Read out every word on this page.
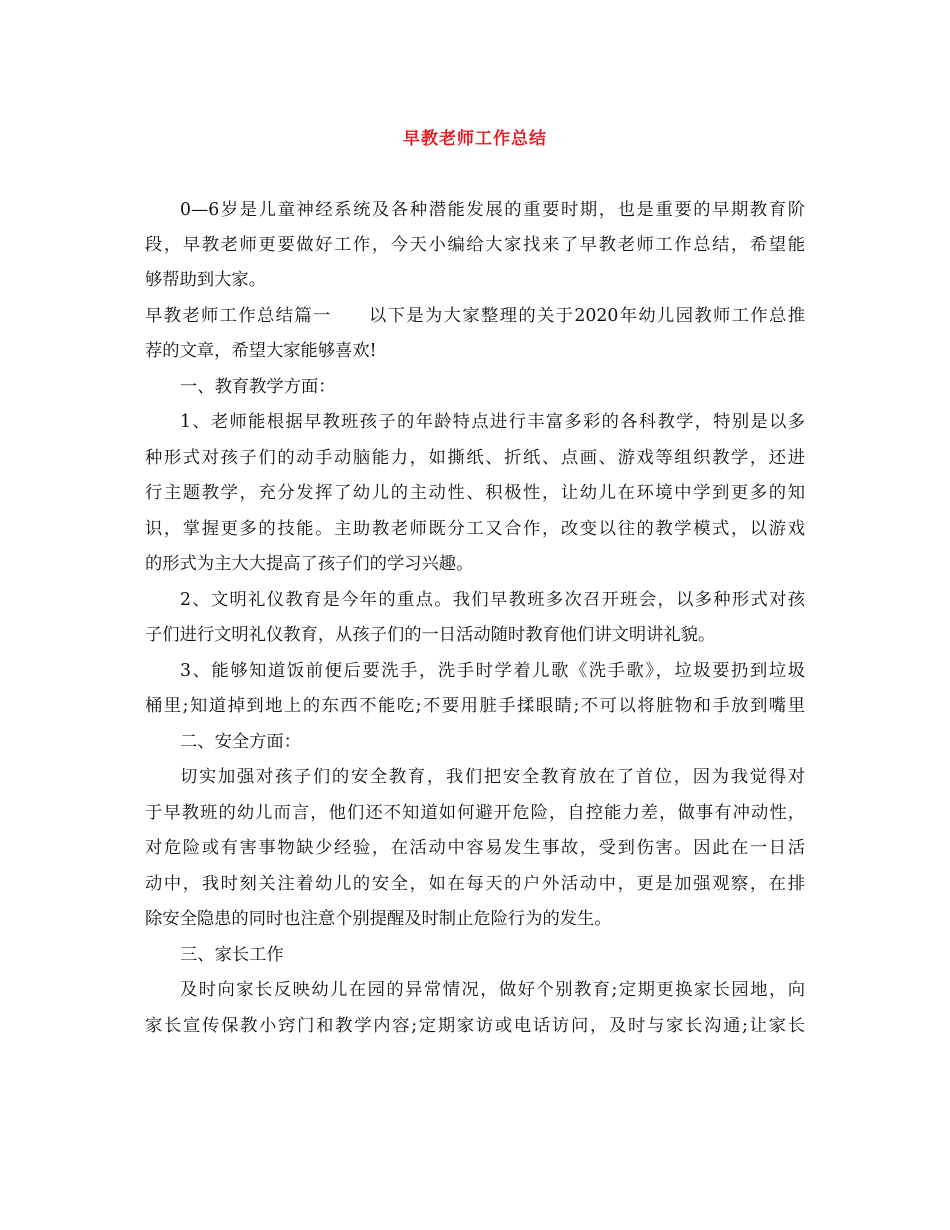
早教老师工作总结
0—6岁是儿童神经系统及各种潜能发展的重要时期，也是重要的早期教育阶
段，早教老师更要做好工作，今天小编给大家找来了早教老师工作总结，希望能
够帮助到大家。
早教老师工作总结篇一　　以下是为大家整理的关于2020年幼儿园教师工作总推
荐的文章，希望大家能够喜欢!
一、教育教学方面：
1、老师能根据早教班孩子的年龄特点进行丰富多彩的各科教学，特别是以多
种形式对孩子们的动手动脑能力，如撕纸、折纸、点画、游戏等组织教学，还进
行主题教学，充分发挥了幼儿的主动性、积极性，让幼儿在环境中学到更多的知
识，掌握更多的技能。主助教老师既分工又合作，改变以往的教学模式，以游戏
的形式为主大大提高了孩子们的学习兴趣。
2、文明礼仪教育是今年的重点。我们早教班多次召开班会，以多种形式对孩
子们进行文明礼仪教育，从孩子们的一日活动随时教育他们讲文明讲礼貌。
3、能够知道饭前便后要洗手，洗手时学着儿歌《洗手歌》，垃圾要扔到垃圾
桶里;知道掉到地上的东西不能吃;不要用脏手揉眼睛;不可以将脏物和手放到嘴里
二、安全方面：
切实加强对孩子们的安全教育，我们把安全教育放在了首位，因为我觉得对
于早教班的幼儿而言，他们还不知道如何避开危险，自控能力差，做事有冲动性，
对危险或有害事物缺少经验，在活动中容易发生事故，受到伤害。因此在一日活
动中，我时刻关注着幼儿的安全，如在每天的户外活动中，更是加强观察，在排
除安全隐患的同时也注意个别提醒及时制止危险行为的发生。
三、家长工作
及时向家长反映幼儿在园的异常情况，做好个别教育;定期更换家长园地，向
家长宣传保教小窍门和教学内容;定期家访或电话访问，及时与家长沟通;让家长
